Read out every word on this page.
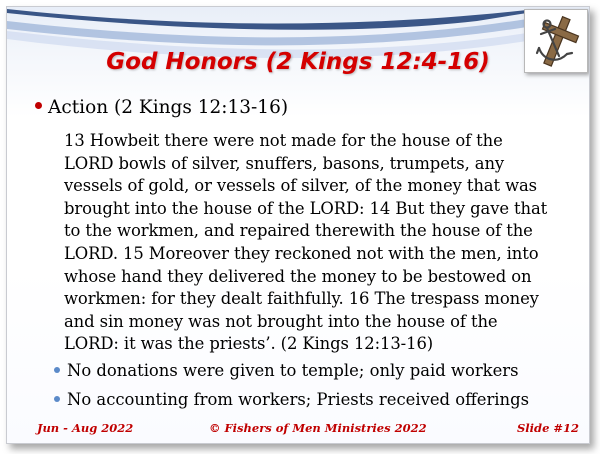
God Honors (2 Kings 12:4-16)
Action (2 Kings 12:13-16)
13 Howbeit there were not made for the house of the
LORD bowls of silver, snuffers, basons, trumpets, any
vessels of gold, or vessels of silver, of the money that was
brought into the house of the LORD: 14 But they gave that
to the workmen, and repaired therewith the house of the
LORD. 15 Moreover they reckoned not with the men, into
whose hand they delivered the money to be bestowed on
workmen: for they dealt faithfully. 16 The trespass money
and sin money was not brought into the house of the
LORD: it was the priests’. (2 Kings 12:13-16)
No donations were given to temple; only paid workers
No accounting from workers; Priests received offerings
Jun - Aug 2022	© Fishers of Men Ministries 2022	Slide #12
